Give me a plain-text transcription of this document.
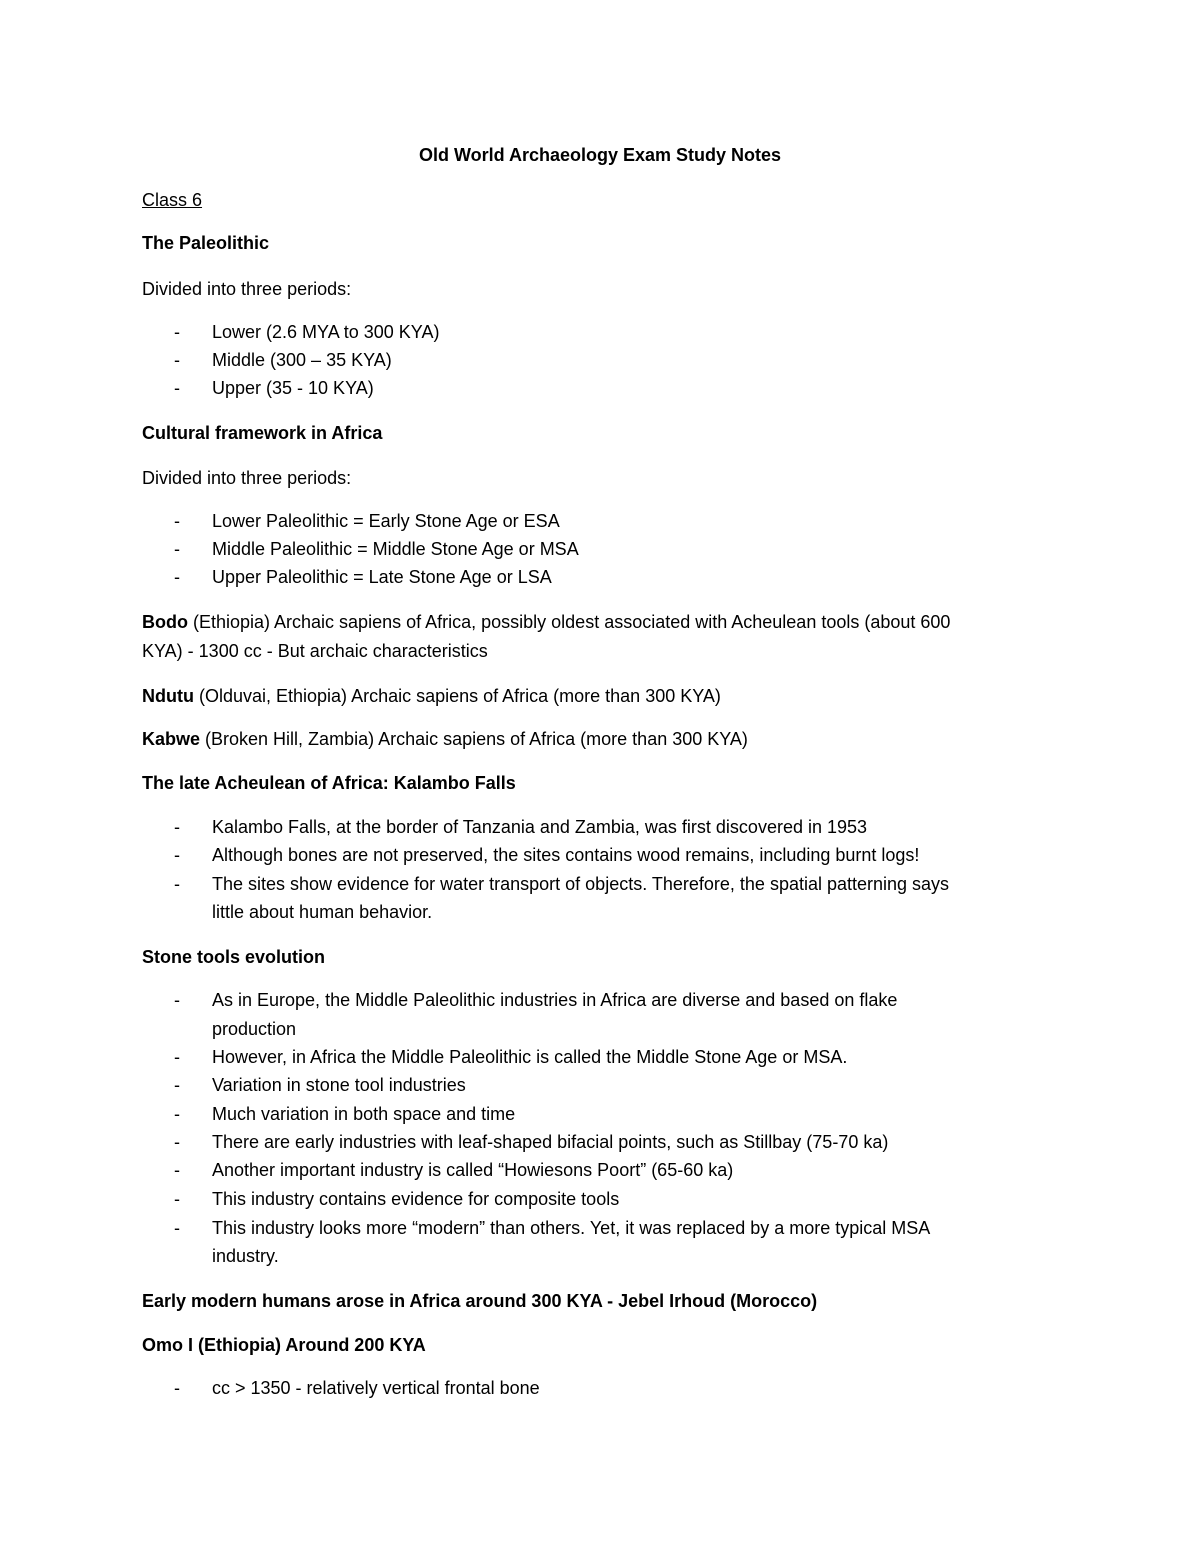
Old World Archaeology Exam Study Notes

Class 6

The Paleolithic

Divided into three periods:

- Lower (2.6 MYA to 300 KYA)
- Middle (300 – 35 KYA)
- Upper (35 - 10 KYA)

Cultural framework in Africa

Divided into three periods:

- Lower Paleolithic = Early Stone Age or ESA
- Middle Paleolithic = Middle Stone Age or MSA
- Upper Paleolithic = Late Stone Age or LSA

Bodo (Ethiopia) Archaic sapiens of Africa, possibly oldest associated with Acheulean tools (about 600

KYA) - 1300 cc - But archaic characteristics

Ndutu (Olduvai, Ethiopia) Archaic sapiens of Africa (more than 300 KYA)

Kabwe (Broken Hill, Zambia) Archaic sapiens of Africa (more than 300 KYA)

The late Acheulean of Africa: Kalambo Falls

- Kalambo Falls, at the border of Tanzania and Zambia, was first discovered in 1953
- Although bones are not preserved, the sites contains wood remains, including burnt logs!
- The sites show evidence for water transport of objects. Therefore, the spatial patterning says
little about human behavior.

Stone tools evolution

- As in Europe, the Middle Paleolithic industries in Africa are diverse and based on flake
production
- However, in Africa the Middle Paleolithic is called the Middle Stone Age or MSA.
- Variation in stone tool industries
- Much variation in both space and time
- There are early industries with leaf-shaped bifacial points, such as Stillbay (75-70 ka)
- Another important industry is called “Howiesons Poort” (65-60 ka)
- This industry contains evidence for composite tools
- This industry looks more “modern” than others. Yet, it was replaced by a more typical MSA
industry.

Early modern humans arose in Africa around 300 KYA - Jebel Irhoud (Morocco)

Omo I (Ethiopia) Around 200 KYA

- cc > 1350 - relatively vertical frontal bone
